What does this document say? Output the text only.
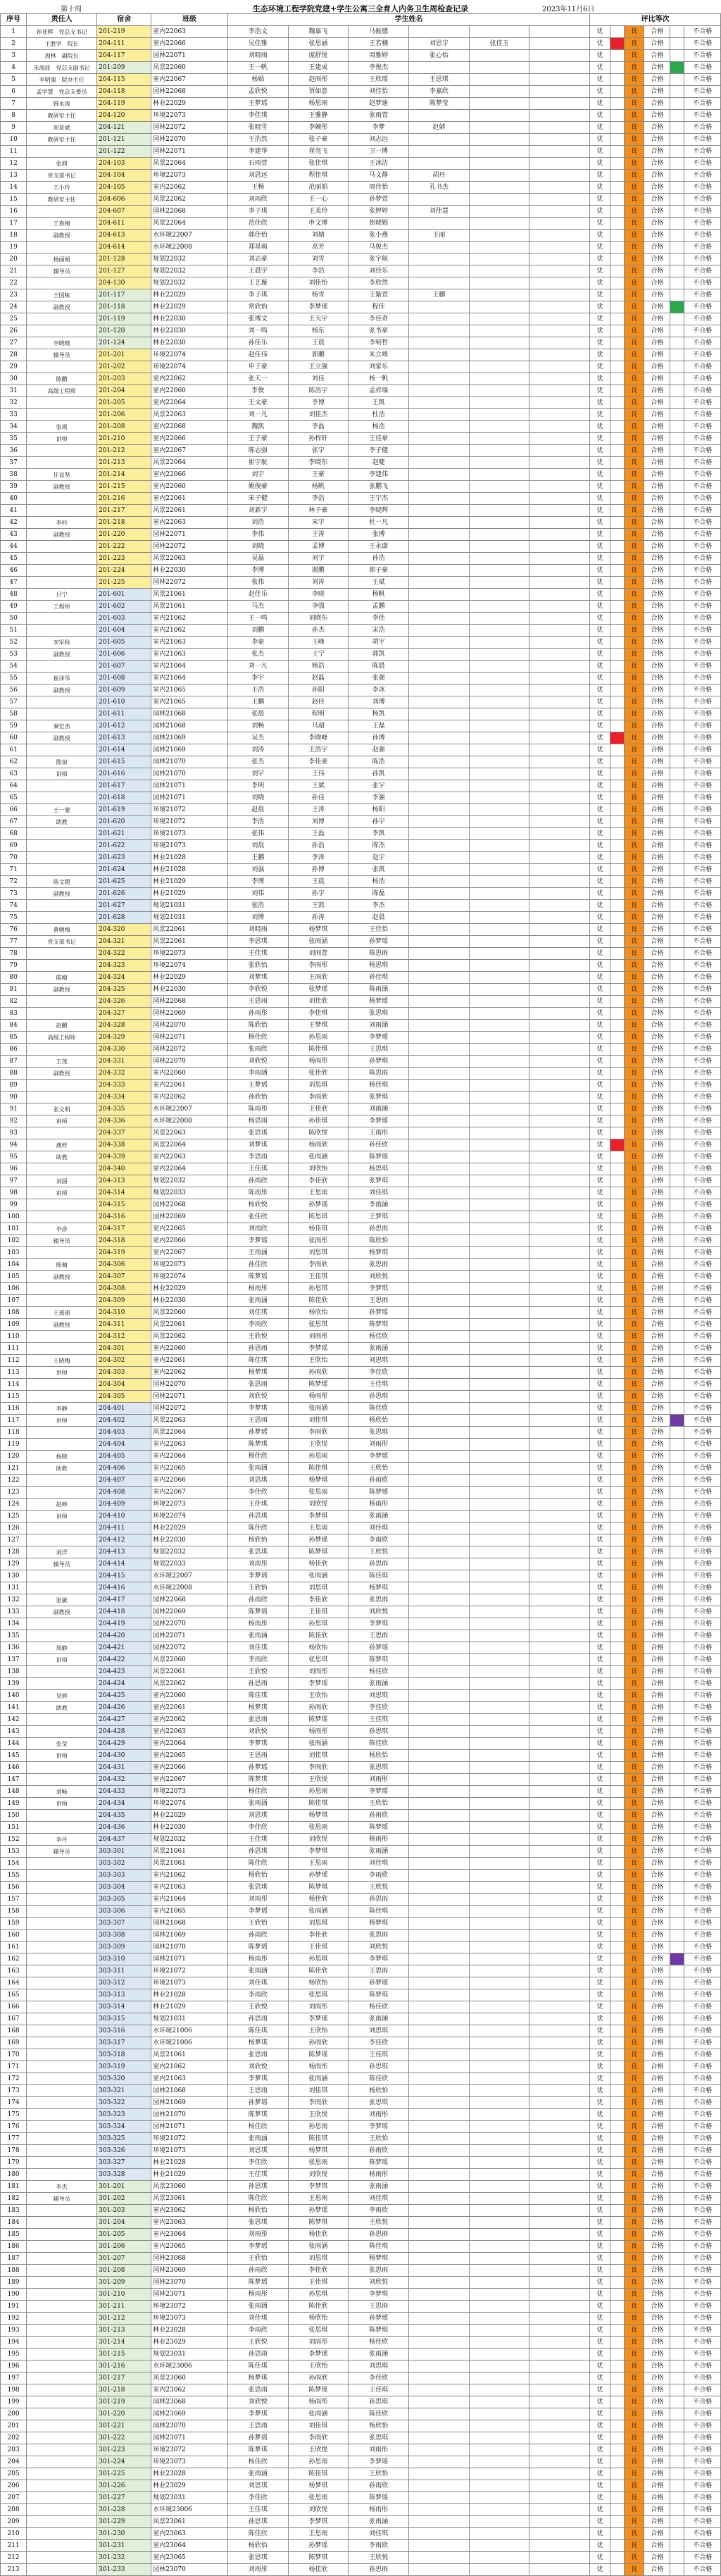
生态环境工程学院党建+学生公寓三全育人内务卫生周检查记录
第十周	2023年11月6日
序号	责任人	宿舍	班级	学生姓名						评比等次					
1	孙亚辉　党总支书记	201-219	室内22063	李浩文	魏嘉飞	马振德				优		良	合格		不合格
2	王胜学　院长	204-111	室内22066	吴佳雅	张思涵	王若楠	刘思宇	张佳玉		优		良	合格		不合格
3	周林　副院长	204-117	园林22071	刘晓雨	庞舒悦	周雅婷	张心怡			优		良	合格		不合格
4	朱海波　党总支副书记	201-209	风景22060	王一帆	王建成	李俊杰				优		良	合格		不合格
5	李明强　院办主任	204-115	室内22067	杨嫣	赵雨彤	王欣瑶	王思琪			优		良	合格		不合格
6	孟学慧　党总支委员	204-118	园林22068	孟欣悦	贾如意	刘佳怡	李嘉欣			优		良	合格		不合格
7	韩永涛	204-119	林业22029	王梦瑶	杨思雨	赵梦迪	陈梦莹			优		良	合格		不合格
8	教研室主任	204-120	环境22073	李佳琪	王雅静	张雨萱				优		良	合格		不合格
9	周景斌	204-121	园林22072	张晓雪	李婉彤	李梦	赵婧			优		良	合格		不合格
10	教研室主任	201-121	园林22070	王浩然	张子豪	刘志远				优		良	合格		不合格
11		201-122	园林22071	李建华	崔亮飞	卫一博				优		良	合格		不合格
12	张鸿	204-103	风景22064	石雨萱	张佳琪	王冰洁				优		良	合格		不合格
13	党支部书记	204-104	环境22073	刘思远	程佳琪	马文静	胡丹			优		良	合格		不合格
14	王小玲	204-105	室内22062	王畅	范丽娟	周佳怡	孔书杰			优		良	合格		不合格
15	教研室主任	204-606	风景22062	刘雨欣	王一心	孙梦萱				优		良	合格		不合格
16		204-607	园林22068	李子琪	王美玲	张婷婷	刘佳慧			优		良	合格		不合格
17	王春梅	204-611	风景22064	范佳欣	申文博	贺晓嫣				优		良	合格		不合格
18	副教授	204-613	水环境22007	郭佳怡	刘婧	张小燕	王丽			优		良	合格		不合格
19		204-614	水环境22008	郑星萌	高芳	马俊杰				优		良	合格		不合格
20	杨丽娟	201-128	规划22032	刘志豪	刘雪	张宇航				优		良	合格		不合格
21	辅导员	201-127	规划22032	王晨宇	李浩	刘佳乐				优		良	合格		不合格
22		204-130	规划22032	王艺璇	刘佳怡	李欣然				优		良	合格		不合格
23	王国栋	201-117	林业22029	李子琪	杨雪	王紫萱	王鹏			优		良	合格		不合格
24	副教授	201-118	林业22029	常欣怡	李梦瑶	程佳				优		良	合格		不合格
25		201-119	林业22030	张博文	王天宇	李佳奇				优		良	合格		不合格
26		201-120	林业22030	刘一鸣	杨东	张书豪				优		良	合格		不合格
27	李晓晓	201-124	林业22030	孙佳乐	王晨	李明哲				优		良	合格		不合格
28	辅导员	201-201	环境22074	赵佳伟	郭鹏	朱立峰				优		良	合格		不合格
29		201-202	环境22074	申子豪	王立强	刘家乐				优		良	合格		不合格
30	陈鹏	201-203	室内22062	张天一	刘佳	杨一帆				优		良	合格		不合格
31	高级工程师	201-204	室内22060	李俊	陈浩宇	孟祥瑞				优		良	合格		不合格
32		201-205	室内22064	王文豪	李博	王凯				优		良	合格		不合格
33		201-206	风景22063	刘一凡	刘佳杰	杜浩				优		良	合格		不合格
34	张瑶	201-208	室内22068	魏凯	李磊	杨浩				优		良	合格		不合格
35	讲师	201-210	室内22066	王子豪	孙梓轩	王佳豪				优		良	合格		不合格
36		201-212	室内22067	陈志强	张宇	李子健				优		良	合格		不合格
37		201-213	风景22064	崔宇航	李晓东	赵健				优		良	合格		不合格
38	任益坚	201-214	室内22066	刘宇	王豪	李建伟				优		良	合格		不合格
39	副教授	201-215	室内22060	姚俊豪	杨帆	张鹏飞				优		良	合格		不合格
40		201-216	室内22061	宋子健	李浩	王宇杰				优		良	合格		不合格
41		201-217	风景22061	刘新宇	林子豪	李晓辉				优		良	合格		不合格
42	李杉	201-218	室内22063	刘浩	宋宇	杜一凡				优		良	合格		不合格
43	副教授	201-220	园林22071	李伟	王涛	张博				优		良	合格		不合格
44		201-222	园林22072	刘晓	孟博	王永康				优		良	合格		不合格
45		201-223	风景22063	吴磊	刘宇	孙浩				优		良	合格		不合格
46		201-224	林业22030	李博	谢鹏	郭子豪				优		良	合格		不合格
47		201-225	园林22072	张伟	刘涛	王斌				优		良	合格		不合格
48	吕宁	201-601	风景21061	赵佳乐	李晓	杨帆				优		良	合格		不合格
49	工程师	201-602	风景21061	马杰	李强	孟鹏				优		良	合格		不合格
50		201-603	室内21062	王一鸣	刘晓东	李佳				优		良	合格		不合格
51		201-604	室内21062	刘鹏	孙杰	宋浩				优		良	合格		不合格
52	李军科	201-605	室内21063	李豪	王峰	胡宇				优		良	合格		不合格
53	副教授	201-606	室内21063	张杰	王宁	郭凯				优		良	合格		不合格
54		201-607	室内21064	刘一凡	杨浩	陈晨				优		良	合格		不合格
55	崔泽华	201-608	室内21064	李宇	赵磊	张强				优		良	合格		不合格
56	副教授	201-609	室内21065	王浩	孙阳	李冰				优		良	合格		不合格
57		201-610	室内21065	王鹏	赵佳	刘博				优		良	合格		不合格
58		201-611	园林21068	张晨	程明	杨凯				优		良	合格		不合格
59	秦宏杰	201-612	园林21068	刘畅	马超	王磊				优		良	合格		不合格
60	副教授	201-613	园林21069	吴杰	李晓峰	孙博				优		良	合格		不合格
61		201-614	园林21069	刘涛	王浩宇	赵强				优		良	合格		不合格
62	陈琼	201-615	园林21070	张杰	李佳豪	陈浩				优		良	合格		不合格
63	讲师	201-616	园林21070	刘宇	王伟	孙凯				优		良	合格		不合格
64		201-617	园林21071	李明	王斌	张宇				优		良	合格		不合格
65		201-618	园林21071	刘晓	孙佳	李强				优		良	合格		不合格
66	王一蒙	201-619	环境21072	赵晨	王涛	杨阳				优		良	合格		不合格
67	助教	201-620	环境21072	李浩	刘博	孙宇				优		良	合格		不合格
68		201-621	环境21073	张伟	王磊	李凯				优		良	合格		不合格
69		201-622	环境21073	刘晨	孙浩	陈杰				优		良	合格		不合格
70		201-623	林业21028	王鹏	李涛	赵宇				优		良	合格		不合格
71		201-624	林业21028	刘强	孙博	张凯				优		良	合格		不合格
72	陈文超	201-625	林业21029	李博	王晨	杨浩				优		良	合格		不合格
73	副教授	201-626	林业21029	刘伟	孙宇	陈磊				优		良	合格		不合格
74		201-627	规划21031	张浩	王凯	李杰				优		良	合格		不合格
75		201-628	规划21031	刘博	孙涛	赵晨				优		良	合格		不合格
76	黄朝梅	204-320	风景22061	刘晓雨	杨梦琪	王佳怡				优		良	合格		不合格
77	党支部书记	204-321	风景22061	李思琪	张雨涵	孙梦瑶				优		良	合格		不合格
78		204-322	环境22073	王佳琪	刘雨萱	陈思雨				优		良	合格		不合格
79		204-323	环境22074	张欣怡	李雨彤	杨思琪				优		良	合格		不合格
80	陈刚	204-324	林业22029	刘梦琪	王雨欣	孙佳琪				优		良	合格		不合格
81	副教授	204-325	林业22030	李欣悦	张梦瑶	陈雨涵				优		良	合格		不合格
82		204-326	园林22068	王思雨	刘佳欣	杨梦瑶				优		良	合格		不合格
83		204-327	园林22069	孙雨彤	李佳琪	张思琪				优		良	合格		不合格
84	赵鹏	204-328	园林22070	陈欣怡	王梦琪	刘雨涵				优		良	合格		不合格
85	高级工程师	204-329	园林22071	杨佳欣	孙思雨	李梦瑶				优		良	合格		不合格
86		204-330	园林22072	张雨欣	陈佳琪	王思琪				优		良	合格		不合格
87	王茂	204-331	园林22070	刘欣悦	杨雨彤	孙梦琪				优		良	合格		不合格
88	副教授	204-332	室内22060	李雨涵	张佳欣	陈思雨				优		良	合格		不合格
89		204-333	室内22061	王梦瑶	刘思琪	杨佳琪				优		良	合格		不合格
90		204-334	室内22062	孙欣怡	李雨欣	张梦琪				优		良	合格		不合格
91	张文明	204-335	水环境22007	陈雨彤	王佳欣	刘雨涵				优		良	合格		不合格
92	讲师	204-336	水环境22008	杨思雨	孙佳琪	李梦瑶				优		良	合格		不合格
93		204-337	风景22063	张思琪	陈欣悦	王雨彤				优		良	合格		不合格
94	燕梓	204-338	风景22064	刘梦琪	杨雨欣	孙佳欣				优		良	合格		不合格
95	助教	204-339	室内22063	李思雨	张雨涵	陈梦瑶				优		良	合格		不合格
96		204-340	室内22064	王佳琪	刘欣怡	杨思琪				优		良	合格		不合格
97	刘丽	204-313	规划22032	孙雨欣	李佳欣	张梦琪				优		良	合格		不合格
98	讲师	204-314	规划22033	陈雨彤	王思雨	刘佳琪				优		良	合格		不合格
99		204-315	园林22068	杨欣悦	孙梦瑶	李雨涵				优		良	合格		不合格
100		204-316	园林22069	张佳欣	陈思琪	王梦琪				优		良	合格		不合格
101	李彦	204-317	室内22065	刘雨欣	杨佳琪	孙思雨				优		良	合格		不合格
102	辅导员	204-318	室内22066	李梦瑶	张雨彤	陈欣怡				优		良	合格		不合格
103		204-319	室内22067	王雨涵	刘思琪	杨梦琪				优		良	合格		不合格
104	陈楠	204-306	环境22073	孙佳欣	李雨欣	张思雨				优		良	合格		不合格
105	副教授	204-307	环境22074	陈梦瑶	王佳琪	刘欣悦				优		良	合格		不合格
106		204-308	林业22029	杨雨彤	孙思琪	李梦琪				优		良	合格		不合格
107		204-309	林业22030	张雨涵	陈佳欣	王思雨				优		良	合格		不合格
108	王瑶瑶	204-310	风景22060	刘佳琪	杨欣怡	孙梦瑶				优		良	合格		不合格
109	副教授	204-311	风景22061	李雨欣	张思琪	陈梦琪				优		良	合格		不合格
110		204-312	风景22062	王欣悦	刘雨彤	杨佳欣				优		良	合格		不合格
111		204-301	室内22060	孙思雨	李梦瑶	张雨涵				优		良	合格		不合格
112	王晓梅	204-302	室内22061	陈佳琪	王欣怡	刘思琪				优		良	合格		不合格
113	讲师	204-303	室内22062	杨梦琪	孙雨欣	李佳欣				优		良	合格		不合格
114		204-304	园林22070	张思雨	陈梦瑶	王佳琪				优		良	合格		不合格
115		204-305	园林22071	刘欣悦	杨雨彤	孙思琪				优		良	合格		不合格
116	李静	204-401	园林22072	李梦琪	张雨涵	陈佳欣				优		良	合格		不合格
117	讲师	204-402	风景22063	王思雨	刘佳琪	杨欣怡				优		良	合格		不合格
118		204-403	风景22064	孙梦瑶	李雨欣	张思琪				优		良	合格		不合格
119		204-404	室内22063	陈梦琪	王欣悦	刘雨彤				优		良	合格		不合格
120	杨晓	204-405	室内22064	杨佳欣	孙思雨	李梦瑶				优		良	合格		不合格
121	助教	204-406	室内22065	张雨涵	陈佳琪	王欣怡				优		良	合格		不合格
122		204-407	室内22066	刘思琪	杨梦琪	孙雨欣				优		良	合格		不合格
123		204-408	室内22067	李佳欣	张思雨	陈梦瑶				优		良	合格		不合格
124	赵婷	204-409	环境22073	王佳琪	刘欣悦	杨雨彤				优		良	合格		不合格
125	讲师	204-410	环境22074	孙思琪	李梦琪	张雨涵				优		良	合格		不合格
126		204-411	林业22029	陈佳欣	王思雨	刘佳琪				优		良	合格		不合格
127		204-412	林业22030	杨欣怡	孙梦瑶	李雨欣				优		良	合格		不合格
128	刘洋	204-413	规划22032	张思琪	陈梦琪	王欣悦				优		良	合格		不合格
129	辅导员	204-414	规划22033	刘雨彤	杨佳欣	孙思雨				优		良	合格		不合格
130		204-415	水环境22007	李梦瑶	张雨涵	陈佳琪				优		良	合格		不合格
131		204-416	水环境22008	王欣怡	刘思琪	杨梦琪				优		良	合格		不合格
132	张敏	204-417	园林22068	孙雨欣	李佳欣	张思雨				优		良	合格		不合格
133	副教授	204-418	园林22069	陈梦瑶	王佳琪	刘欣悦				优		良	合格		不合格
134		204-419	园林22070	杨雨彤	孙思琪	李梦琪				优		良	合格		不合格
135		204-420	园林22071	张雨涵	陈佳欣	王思雨				优		良	合格		不合格
136	周静	204-421	园林22072	刘佳琪	杨欣怡	孙梦瑶				优		良	合格		不合格
137	讲师	204-422	风景22060	李雨欣	张思琪	陈梦琪				优		良	合格		不合格
138		204-423	风景22061	王欣悦	刘雨彤	杨佳欣				优		良	合格		不合格
139		204-424	风景22062	孙思雨	李梦瑶	张雨涵				优		良	合格		不合格
140	吴婷	204-425	室内22060	陈佳琪	王欣怡	刘思琪				优		良	合格		不合格
141	助教	204-426	室内22061	杨梦琪	孙雨欣	李佳欣				优		良	合格		不合格
142		204-427	室内22062	张思雨	陈梦瑶	王佳琪				优		良	合格		不合格
143		204-428	室内22063	刘欣悦	杨雨彤	孙思琪				优		良	合格		不合格
144	张莹	204-429	室内22064	李梦琪	张雨涵	陈佳欣				优		良	合格		不合格
145	讲师	204-430	室内22065	王思雨	刘佳琪	杨欣怡				优		良	合格		不合格
146		204-431	室内22066	孙梦瑶	李雨欣	张思琪				优		良	合格		不合格
147		204-432	室内22067	陈梦琪	王欣悦	刘雨彤				优		良	合格		不合格
148	刘畅	204-433	环境22073	杨佳欣	孙思雨	李梦瑶				优		良	合格		不合格
149	讲师	204-434	环境22074	张雨涵	陈佳琪	王欣怡				优		良	合格		不合格
150		204-435	林业22029	刘思琪	杨梦琪	孙雨欣				优		良	合格		不合格
151		204-436	林业22030	李佳欣	张思雨	陈梦瑶				优		良	合格		不合格
152	李丹	204-437	规划22032	王佳琪	刘欣悦	杨雨彤				优		良	合格		不合格
153	辅导员	303-301	风景21061	孙思琪	李梦琪	张雨涵				优		良	合格		不合格
154		303-302	风景21061	陈佳欣	王思雨	刘佳琪				优		良	合格		不合格
155		303-303	室内21062	杨欣怡	孙梦瑶	李雨欣				优		良	合格		不合格
156		303-304	室内21063	张思琪	陈梦琪	王欣悦				优		良	合格		不合格
157		303-305	室内21064	刘雨彤	杨佳欣	孙思雨				优		良	合格		不合格
158		303-306	室内21065	李梦瑶	张雨涵	陈佳琪				优		良	合格		不合格
159		303-307	园林21068	王欣怡	刘思琪	杨梦琪				优		良	合格		不合格
160		303-308	园林21069	孙雨欣	李佳欣	张思雨				优		良	合格		不合格
161		303-309	园林21070	陈梦瑶	王佳琪	刘欣悦				优		良	合格		不合格
162		303-310	园林21071	杨雨彤	孙思琪	李梦琪				优		良	合格		不合格
163		303-311	环境21072	张雨涵	陈佳欣	王思雨				优		良	合格		不合格
164		303-312	环境21073	刘佳琪	杨欣怡	孙梦瑶				优		良	合格		不合格
165		303-313	林业21028	李雨欣	张思琪	陈梦琪				优		良	合格		不合格
166		303-314	林业21029	王欣悦	刘雨彤	杨佳欣				优		良	合格		不合格
167		303-315	规划21031	孙思雨	李梦瑶	张雨涵				优		良	合格		不合格
168		303-316	水环境21006	陈佳琪	王欣怡	刘思琪				优		良	合格		不合格
169		303-317	水环境21006	杨梦琪	孙雨欣	李佳欣				优		良	合格		不合格
170		303-318	风景21061	张思雨	陈梦瑶	王佳琪				优		良	合格		不合格
171		303-319	室内21062	刘欣悦	杨雨彤	孙思琪				优		良	合格		不合格
172		303-320	室内21063	李梦琪	张雨涵	陈佳欣				优		良	合格		不合格
173		303-321	园林21068	王思雨	刘佳琪	杨欣怡				优		良	合格		不合格
174		303-322	园林21069	孙梦瑶	李雨欣	张思琪				优		良	合格		不合格
175		303-323	园林21070	陈梦琪	王欣悦	刘雨彤				优		良	合格		不合格
176		303-324	园林21071	杨佳欣	孙思雨	李梦瑶				优		良	合格		不合格
177		303-325	环境21072	张雨涵	陈佳琪	王欣怡				优		良	合格		不合格
178		303-326	环境21073	刘思琪	杨梦琪	孙雨欣				优		良	合格		不合格
179		303-327	林业21028	李佳欣	张思雨	陈梦瑶				优		良	合格		不合格
180		303-328	林业21029	王佳琪	刘欣悦	杨雨彤				优		良	合格		不合格
181	李杰	301-201	风景23060	孙思琪	李梦琪	张雨涵				优		良	合格		不合格
182	辅导员	301-202	风景23061	陈佳欣	王思雨	刘佳琪				优		良	合格		不合格
183		301-203	室内23062	杨欣怡	孙梦瑶	李雨欣				优		良	合格		不合格
184		301-204	室内23063	张思琪	陈梦琪	王欣悦				优		良	合格		不合格
185		301-205	室内23064	刘雨彤	杨佳欣	孙思雨				优		良	合格		不合格
186		301-206	室内23065	李梦瑶	张雨涵	陈佳琪				优		良	合格		不合格
187		301-207	园林23068	王欣怡	刘思琪	杨梦琪				优		良	合格		不合格
188		301-208	园林23069	孙雨欣	李佳欣	张思雨				优		良	合格		不合格
189		301-209	园林23070	陈梦瑶	王佳琪	刘欣悦				优		良	合格		不合格
190		301-210	园林23071	杨雨彤	孙思琪	李梦琪				优		良	合格		不合格
191		301-211	环境23072	张雨涵	陈佳欣	王思雨				优		良	合格		不合格
192		301-212	环境23073	刘佳琪	杨欣怡	孙梦瑶				优		良	合格		不合格
193		301-213	林业23028	李雨欣	张思琪	陈梦琪				优		良	合格		不合格
194		301-214	林业23029	王欣悦	刘雨彤	杨佳欣				优		良	合格		不合格
195		301-215	规划23031	孙思雨	李梦瑶	张雨涵				优		良	合格		不合格
196		301-216	水环境23006	陈佳琪	王欣怡	刘思琪				优		良	合格		不合格
197		301-217	风景23060	杨梦琪	孙雨欣	李佳欣				优		良	合格		不合格
198		301-218	室内23062	张思雨	陈梦瑶	王佳琪				优		良	合格		不合格
199		301-219	园林23068	刘欣悦	杨雨彤	孙思琪				优		良	合格		不合格
200		301-220	园林23069	李梦琪	张雨涵	陈佳欣				优		良	合格		不合格
201		301-221	园林23070	王思雨	刘佳琪	杨欣怡				优		良	合格		不合格
202		301-222	园林23071	孙梦瑶	李雨欣	张思琪				优		良	合格		不合格
203		301-223	环境23072	陈梦琪	王欣悦	刘雨彤				优		良	合格		不合格
204		301-224	环境23073	杨佳欣	孙思雨	李梦瑶				优		良	合格		不合格
205		301-225	林业23028	张雨涵	陈佳琪	王欣怡				优		良	合格		不合格
206		301-226	林业23029	刘思琪	杨梦琪	孙雨欣				优		良	合格		不合格
207		301-227	规划23031	李佳欣	张思雨	陈梦瑶				优		良	合格		不合格
208		301-228	水环境23006	王佳琪	刘欣悦	杨雨彤				优		良	合格		不合格
209		301-229	风景23061	孙思琪	李梦琪	张雨涵				优		良	合格		不合格
210		301-230	室内23063	陈佳欣	王思雨	刘佳琪				优		良	合格		不合格
211		301-231	室内23064	杨欣怡	孙梦瑶	李雨欣				优		良	合格		不合格
212		301-232	室内23065	张思琪	陈梦琪	王欣悦				优		良	合格		不合格
213		301-233	园林23070	刘雨彤	杨佳欣	孙思雨				优		良	合格		不合格
